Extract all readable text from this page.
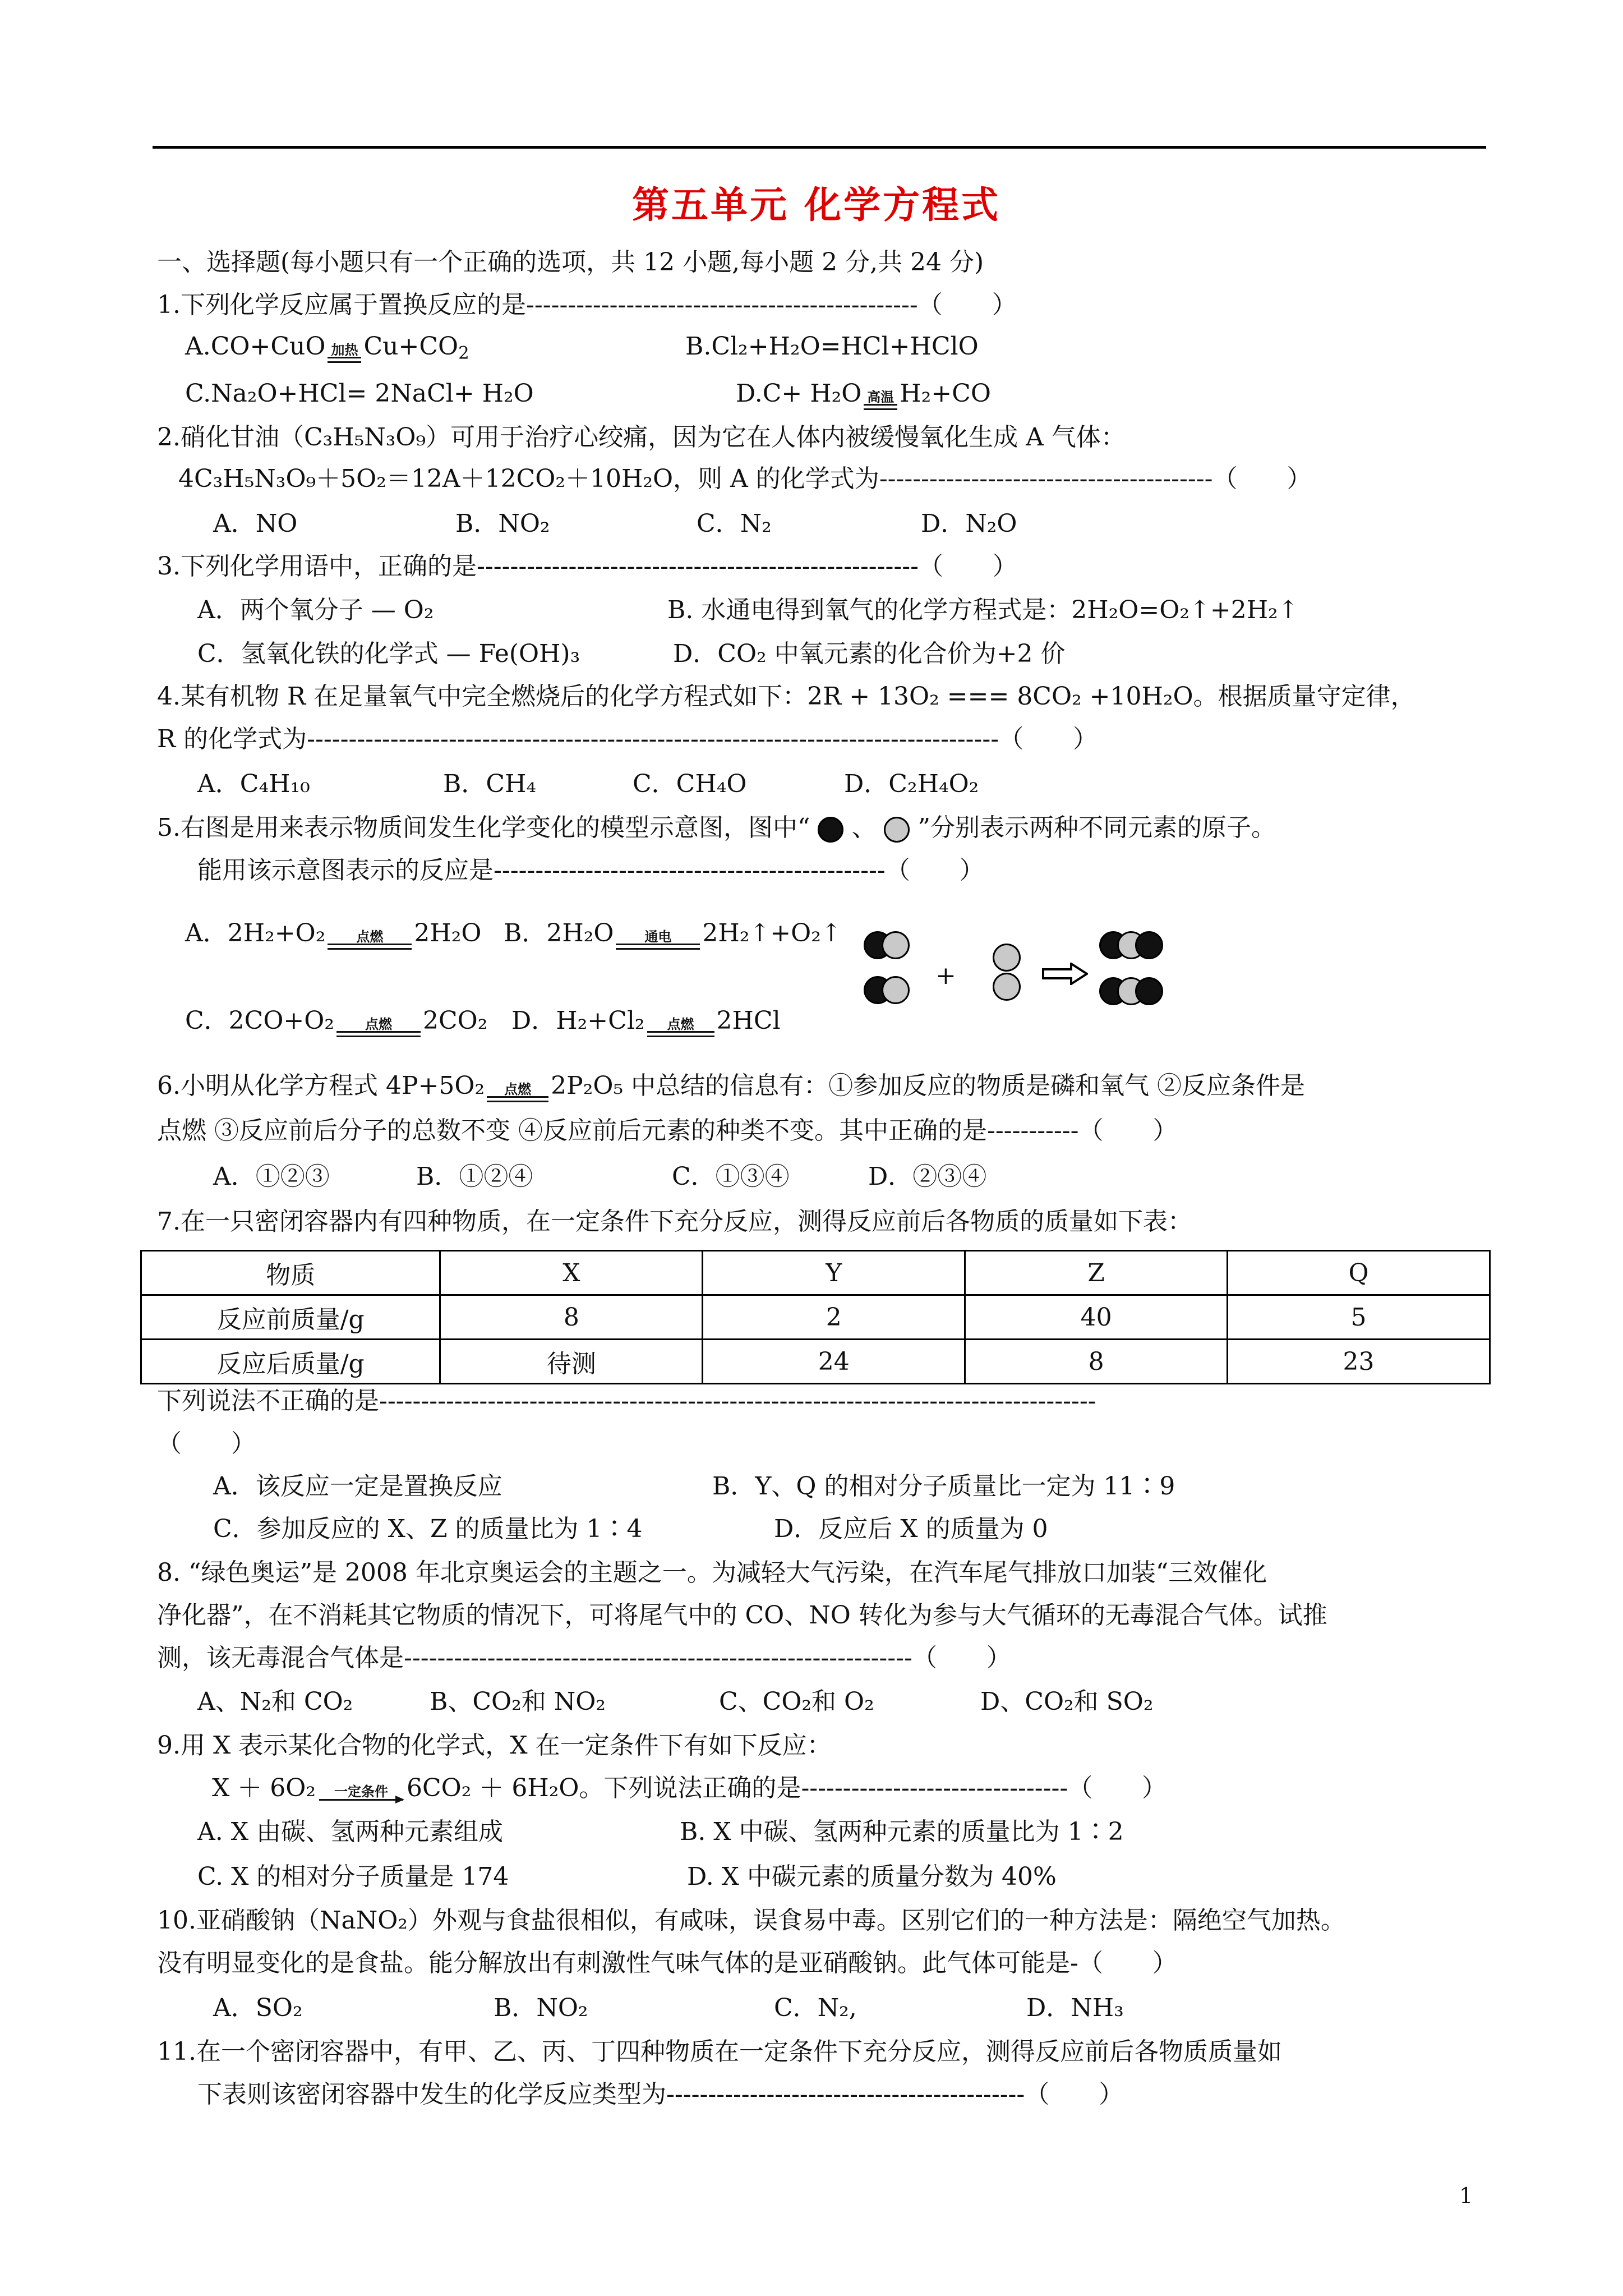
第五单元 化学方程式
一、选择题(每小题只有一个正确的选项，共 12 小题,每小题 2 分,共 24 分)
1.下列化学反应属于置换反应的是-----------------------------------------------（　　）
A.CO+CuO 加热 $Cu+CO_2$	B.Cl₂+H₂O=HCl+HClO
C.Na₂O+HCl= 2NaCl+ H₂O	D.C+ H₂O 高温 H₂+CO
2.硝化甘油（C₃H₅N₃O₉）可用于治疗心绞痛，因为它在人体内被缓慢氧化生成 A 气体：
4C₃H₅N₃O₉＋5O₂＝12A＋12CO₂＋10H₂O，则 A 的化学式为----------------------------------------（　　）
A．NO	B．NO₂	C．N₂	D．N₂O
3.下列化学用语中，正确的是-----------------------------------------------------（　　）
A．两个氧分子 — O₂	B. 水通电得到氧气的化学方程式是：2H₂O=O₂↑+2H₂↑
C．氢氧化铁的化学式 — Fe(OH)₃	D．CO₂ 中氧元素的化合价为+2 价
4.某有机物 R 在足量氧气中完全燃烧后的化学方程式如下：2R + 13O₂ === 8CO₂ +10H₂O。根据质量守定律，
R 的化学式为-----------------------------------------------------------------------------------（　　）
A．C₄H₁₀	B．CH₄	C．CH₄O	D．C₂H₄O₂
5.右图是用来表示物质间发生化学变化的模型示意图，图中“ 、 ”分别表示两种不同元素的原子。
能用该示意图表示的反应是-----------------------------------------------（　　）
A．2H₂+O₂ 点燃 2H₂O B．2H₂O 通电 2H₂↑+O₂↑
C．2CO+O₂ 点燃 2CO₂ D．H₂+Cl₂ 点燃 2HCl
+
6.小明从化学方程式 4P+5O₂ 点燃 2P₂O₅ 中总结的信息有：①参加反应的物质是磷和氧气 ②反应条件是
点燃 ③反应前后分子的总数不变 ④反应前后元素的种类不变。其中正确的是-----------（　　）
A．①②③	B．①②④	C．①③④	D．②③④
7.在一只密闭容器内有四种物质，在一定条件下充分反应，测得反应前后各物质的质量如下表：
物质	X	Y	Z	Q
反应前质量/g	8	2	40	5
反应后质量/g	待测	24	8	23
下列说法不正确的是--------------------------------------------------------------------------------------
（　　）
A．该反应一定是置换反应	B．Y、Q 的相对分子质量比一定为 11∶9
C．参加反应的 X、Z 的质量比为 1∶4	D．反应后 X 的质量为 0
8. “绿色奥运”是 2008 年北京奥运会的主题之一。为减轻大气污染，在汽车尾气排放口加装“三效催化
净化器”，在不消耗其它物质的情况下，可将尾气中的 CO、NO 转化为参与大气循环的无毒混合气体。试推
测，该无毒混合气体是-------------------------------------------------------------（　　）
A、N₂和 CO₂	B、CO₂和 NO₂	C、CO₂和 O₂	D、CO₂和 SO₂
9.用 X 表示某化合物的化学式，X 在一定条件下有如下反应：
X ＋ 6O₂ 一定条件 6CO₂ ＋ 6H₂O。下列说法正确的是--------------------------------（　　）
A. X 由碳、氢两种元素组成	B. X 中碳、氢两种元素的质量比为 1∶2
C. X 的相对分子质量是 174	D. X 中碳元素的质量分数为 40%
10.亚硝酸钠（NaNO₂）外观与食盐很相似，有咸味，误食易中毒。区别它们的一种方法是：隔绝空气加热。
没有明显变化的是食盐。能分解放出有刺激性气味气体的是亚硝酸钠。此气体可能是-（　　）
A．SO₂	B．NO₂	C．N₂,	D．NH₃
11.在一个密闭容器中，有甲、乙、丙、丁四种物质在一定条件下充分反应，测得反应前后各物质质量如
下表则该密闭容器中发生的化学反应类型为-------------------------------------------（　　）
1
